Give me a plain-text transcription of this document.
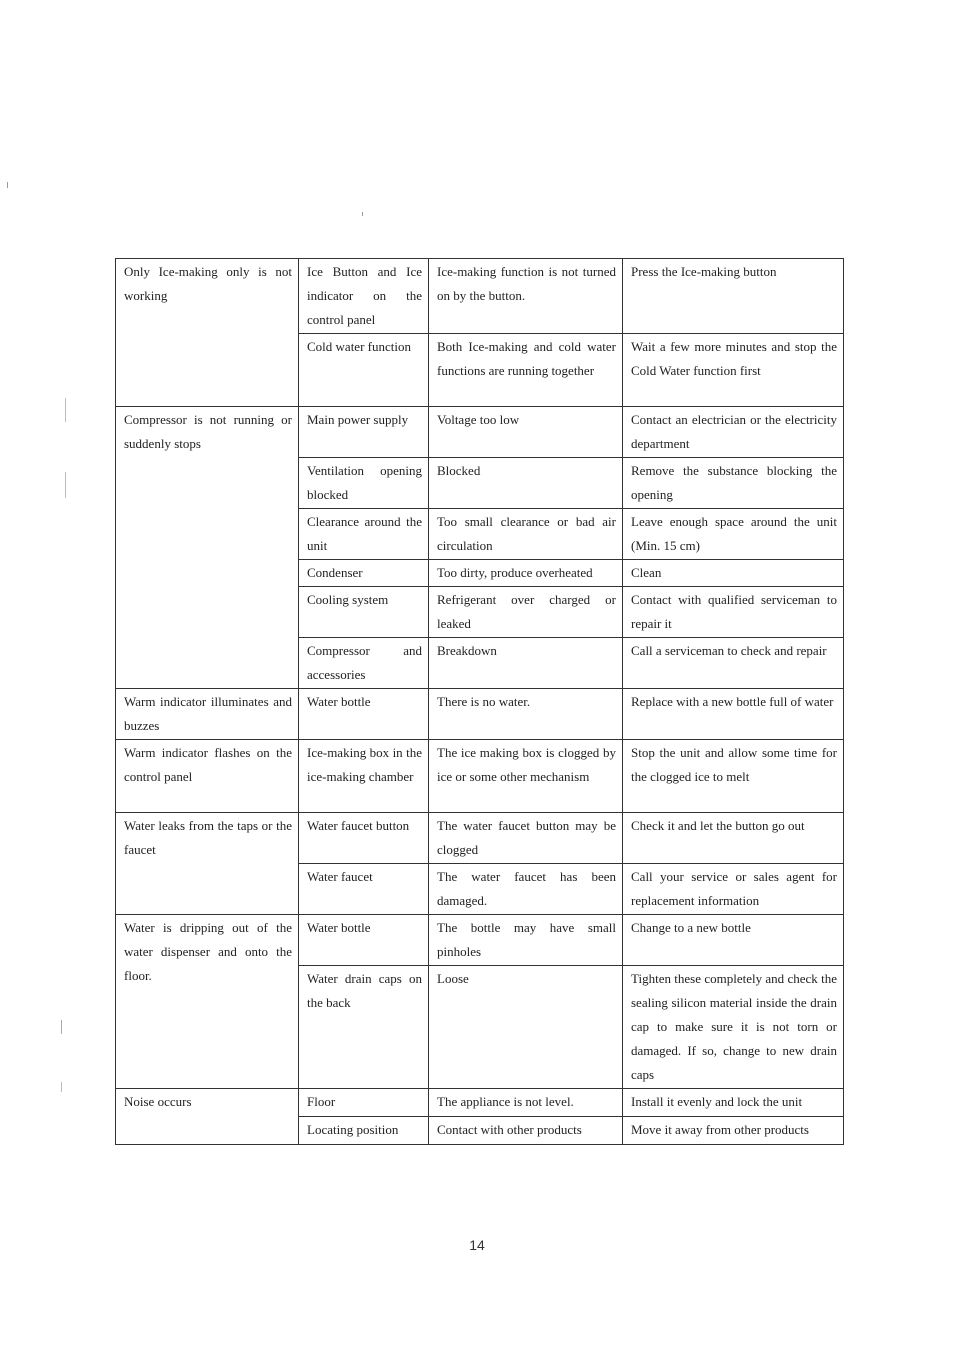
Only Ice-making only is not working	Ice Button and Ice indicator on the control panel	Ice-making function is not turned on by the button.	Press the Ice-making button
	Cold water function	Both Ice-making and cold water functions are running together	Wait a few more minutes and stop the Cold Water function first
Compressor is not running or suddenly stops	Main power supply	Voltage too low	Contact an electrician or the electricity department
	Ventilation opening blocked	Blocked	Remove the substance blocking the opening
	Clearance around the unit	Too small clearance or bad air circulation	Leave enough space around the unit (Min. 15 cm)
	Condenser	Too dirty, produce overheated	Clean
	Cooling system	Refrigerant over charged or leaked	Contact with qualified serviceman to repair it
	Compressor and accessories	Breakdown	Call a serviceman to check and repair
Warm indicator illuminates and buzzes	Water bottle	There is no water.	Replace with a new bottle full of water
Warm indicator flashes on the control panel	Ice-making box in the ice-making chamber	The ice making box is clogged by ice or some other mechanism	Stop the unit and allow some time for the clogged ice to melt
Water leaks from the taps or the faucet	Water faucet button	The water faucet button may be clogged	Check it and let the button go out
	Water faucet	The water faucet has been damaged.	Call your service or sales agent for replacement information
Water is dripping out of the water dispenser and onto the floor.	Water bottle	The bottle may have small pinholes	Change to a new bottle
	Water drain caps on the back	Loose	Tighten these completely and check the sealing silicon material inside the drain cap to make sure it is not torn or damaged. If so, change to new drain caps
Noise occurs	Floor	The appliance is not level.	Install it evenly and lock the unit
	Locating position	Contact with other products	Move it away from other products
14
